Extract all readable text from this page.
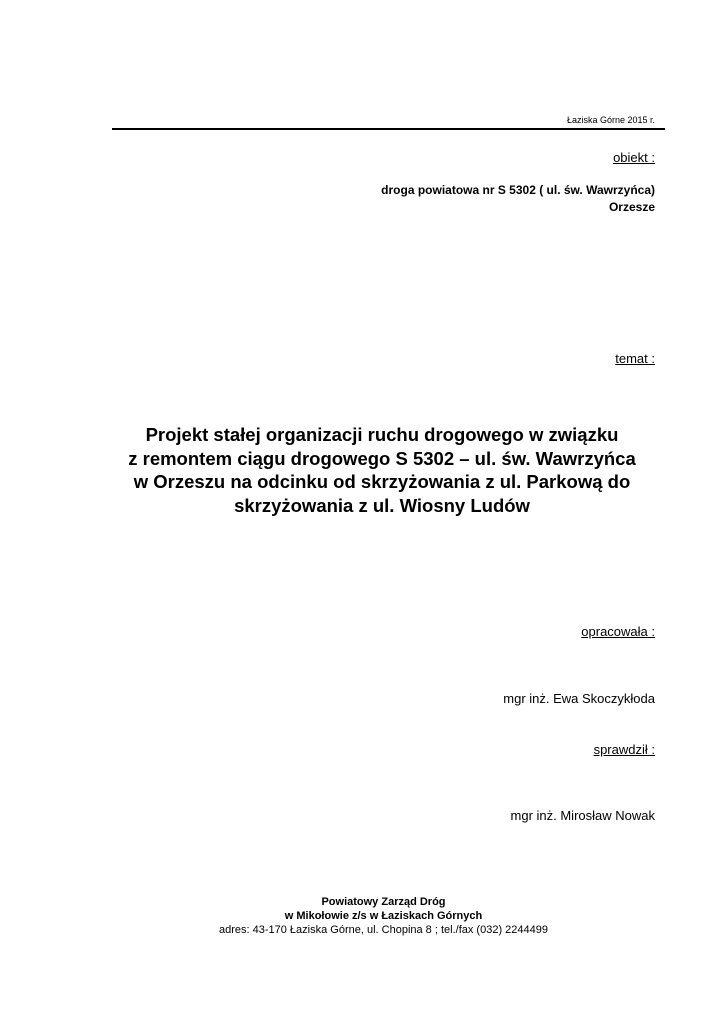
Łaziska Górne 2015 r.
obiekt :
droga powiatowa nr S 5302 ( ul. św. Wawrzyńca)
Orzesze
temat :
Projekt stałej organizacji ruchu drogowego w związku
z remontem ciągu drogowego S 5302 – ul. św. Wawrzyńca
w Orzeszu na odcinku od skrzyżowania z ul. Parkową do
skrzyżowania z ul. Wiosny Ludów
opracowała :
mgr inż. Ewa Skoczykłoda
sprawdził :
mgr inż. Mirosław Nowak
Powiatowy Zarząd Dróg
w Mikołowie z/s w Łaziskach Górnych
adres: 43-170 Łaziska Górne, ul. Chopina 8 ; tel./fax (032) 2244499
